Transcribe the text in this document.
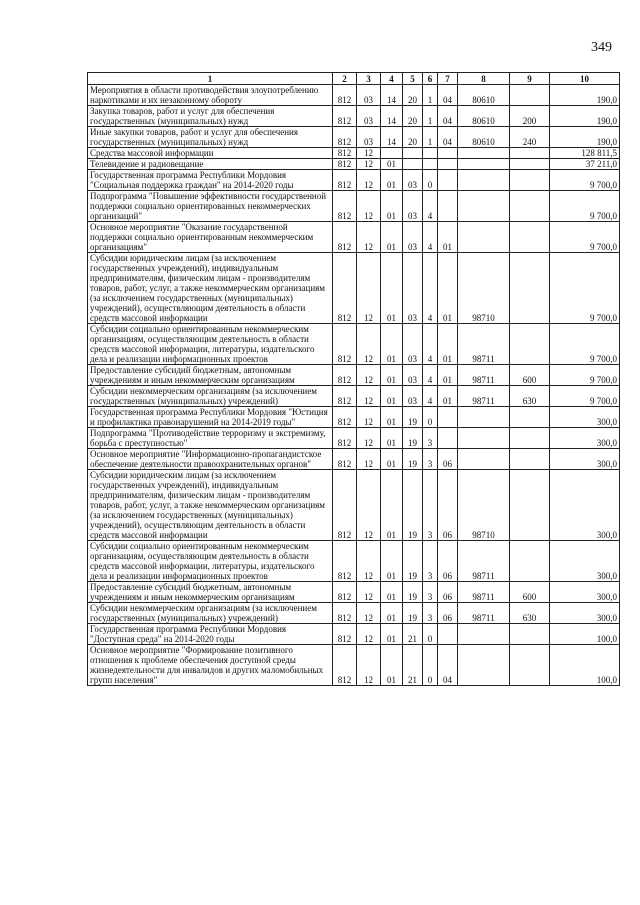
349
1	2	3	4	5	6	7	8	9	10
Мероприятия в области противодействия злоупотреблению наркотиками и их незаконному обороту	812	03	14	20	1	04	80610		190,0
Закупка товаров, работ и услуг для обеспечения государственных (муниципальных) нужд	812	03	14	20	1	04	80610	200	190,0
Иные закупки товаров, работ и услуг для обеспечения государственных (муниципальных) нужд	812	03	14	20	1	04	80610	240	190,0
Средства массовой информации	812	12							128 811,5
Телевидение и радиовещание	812	12	01						37 211,0
Государственная программа Республики Мордовия "Социальная поддержка граждан" на 2014-2020 годы	812	12	01	03	0				9 700,0
Подпрограмма "Повышение эффективности государственной поддержки социально ориентированных некоммерческих организаций"	812	12	01	03	4				9 700,0
Основное мероприятие "Оказание государственной поддержки социально ориентированным некоммерческим организациям"	812	12	01	03	4	01			9 700,0
Субсидии юридическим лицам (за исключением государственных учреждений), индивидуальным предпринимателям, физическим лицам - производителям товаров, работ, услуг, а также некоммерческим организациям (за исключением государственных (муниципальных) учреждений), осуществляющим деятельность в области средств массовой информации	812	12	01	03	4	01	98710		9 700,0
Субсидии социально ориентированным некоммерческим организациям, осуществляющим деятельность в области средств массовой информации, литературы, издательского дела и реализации информационных проектов	812	12	01	03	4	01	98711		9 700,0
Предоставление субсидий бюджетным, автономным учреждениям и иным некоммерческим организациям	812	12	01	03	4	01	98711	600	9 700,0
Субсидии некоммерческим организациям (за исключением государственных (муниципальных) учреждений)	812	12	01	03	4	01	98711	630	9 700,0
Государственная программа Республики Мордовия "Юстиция и профилактика правонарушений на 2014-2019 годы"	812	12	01	19	0				300,0
Подпрограмма "Противодействие терроризму и экстремизму, борьба с преступностью"	812	12	01	19	3				300,0
Основное мероприятие "Информационно-пропагандистское обеспечение деятельности правоохранительных органов"	812	12	01	19	3	06			300,0
Субсидии юридическим лицам (за исключением государственных учреждений), индивидуальным предпринимателям, физическим лицам - производителям товаров, работ, услуг, а также некоммерческим организациям (за исключением государственных (муниципальных) учреждений), осуществляющим деятельность в области средств массовой информации	812	12	01	19	3	06	98710		300,0
Субсидии социально ориентированным некоммерческим организациям, осуществляющим деятельность в области средств массовой информации, литературы, издательского дела и реализации информационных проектов	812	12	01	19	3	06	98711		300,0
Предоставление субсидий бюджетным, автономным учреждениям и иным некоммерческим организациям	812	12	01	19	3	06	98711	600	300,0
Субсидии некоммерческим организациям (за исключением государственных (муниципальных) учреждений)	812	12	01	19	3	06	98711	630	300,0
Государственная программа Республики Мордовия "Доступная среда" на 2014-2020 годы	812	12	01	21	0				100,0
Основное мероприятие "Формирование позитивного отношения к проблеме обеспечения доступной среды жизнедеятельности для инвалидов и других маломобильных групп населения"	812	12	01	21	0	04			100,0
